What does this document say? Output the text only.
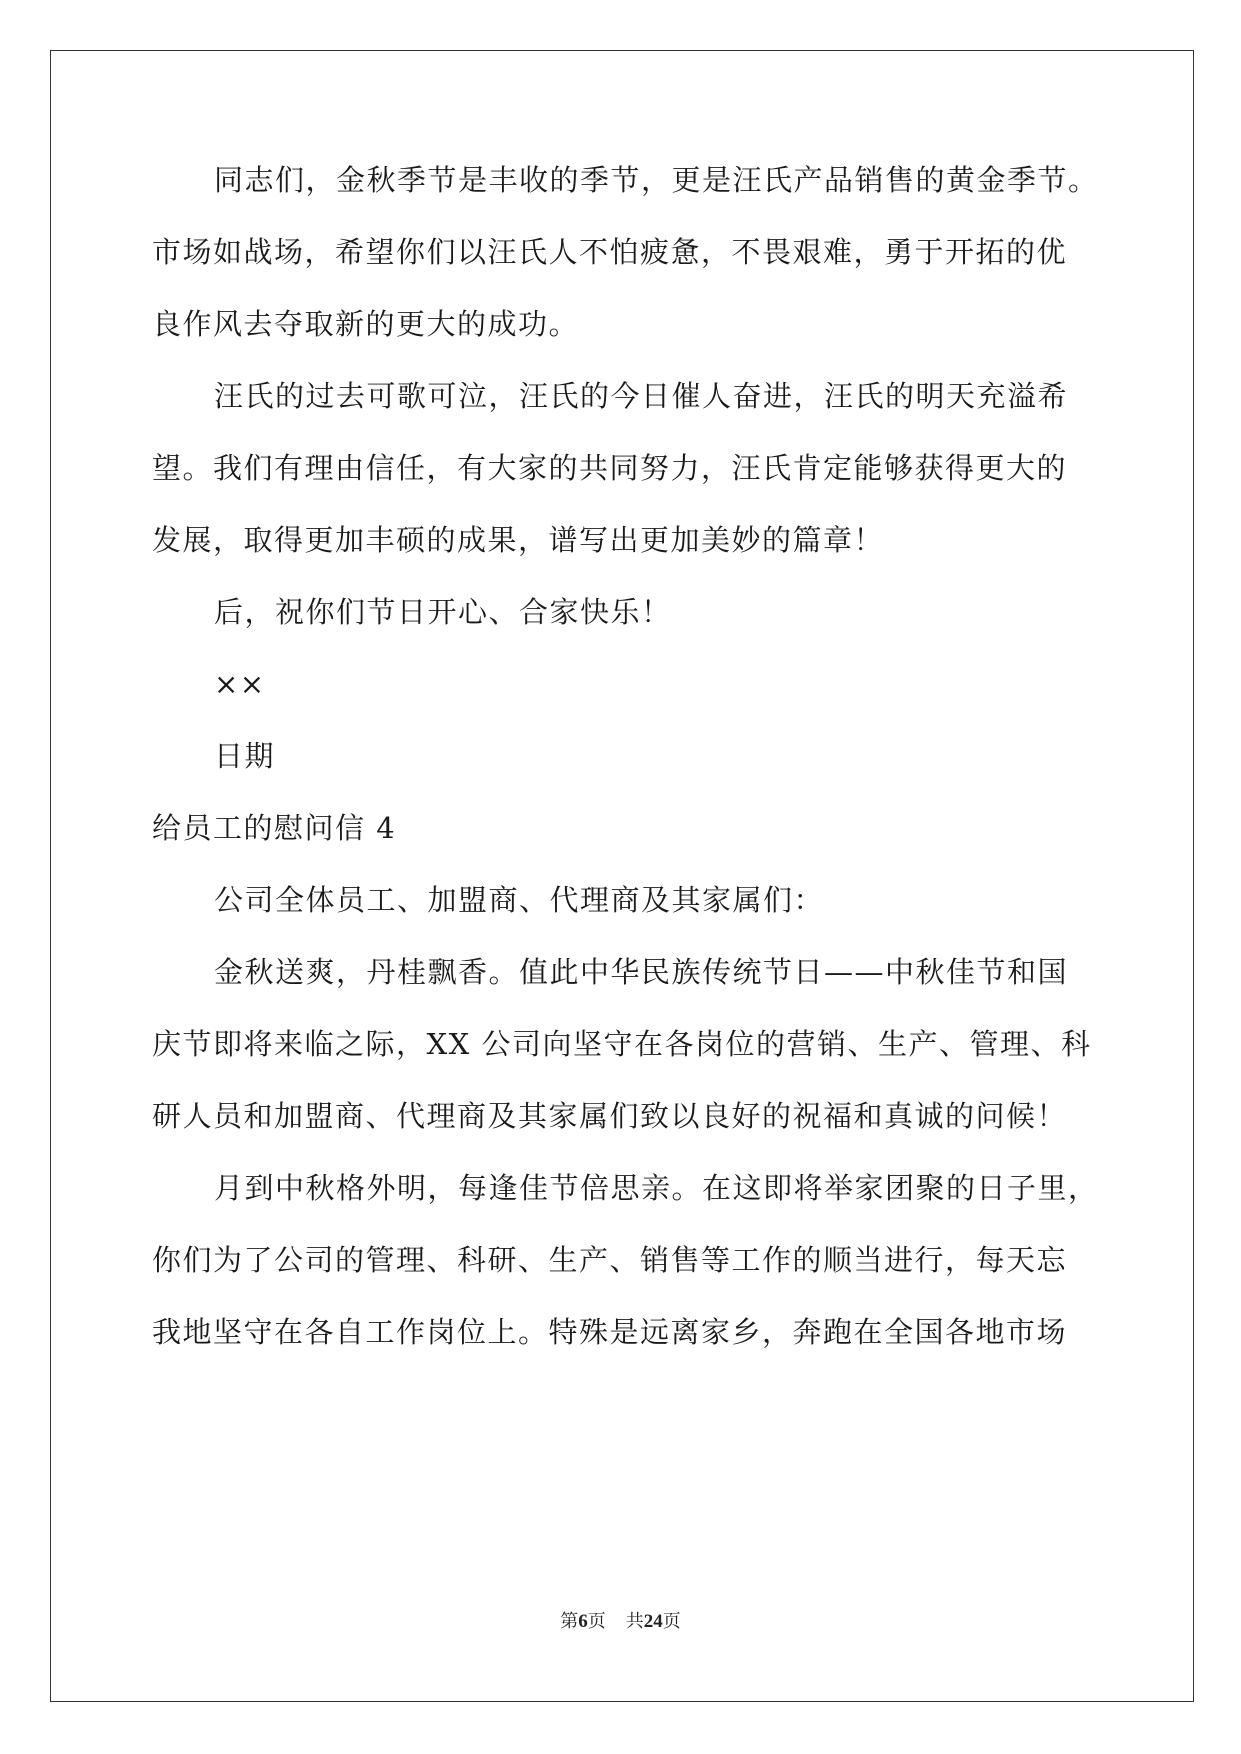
同志们，金秋季节是丰收的季节，更是汪氏产品销售的黄金季节。
市场如战场，希望你们以汪氏人不怕疲惫，不畏艰难，勇于开拓的优
良作风去夺取新的更大的成功。
汪氏的过去可歌可泣，汪氏的今日催人奋进，汪氏的明天充溢希
望。我们有理由信任，有大家的共同努力，汪氏肯定能够获得更大的
发展，取得更加丰硕的成果，谱写出更加美妙的篇章！
后，祝你们节日开心、合家快乐！
××
日期
给员工的慰问信 4
公司全体员工、加盟商、代理商及其家属们：
金秋送爽，丹桂飘香。值此中华民族传统节日——中秋佳节和国
庆节即将来临之际，XX 公司向坚守在各岗位的营销、生产、管理、科
研人员和加盟商、代理商及其家属们致以良好的祝福和真诚的问候！
月到中秋格外明，每逢佳节倍思亲。在这即将举家团聚的日子里，
你们为了公司的管理、科研、生产、销售等工作的顺当进行，每天忘
我地坚守在各自工作岗位上。特殊是远离家乡，奔跑在全国各地市场
第6页 共24页
